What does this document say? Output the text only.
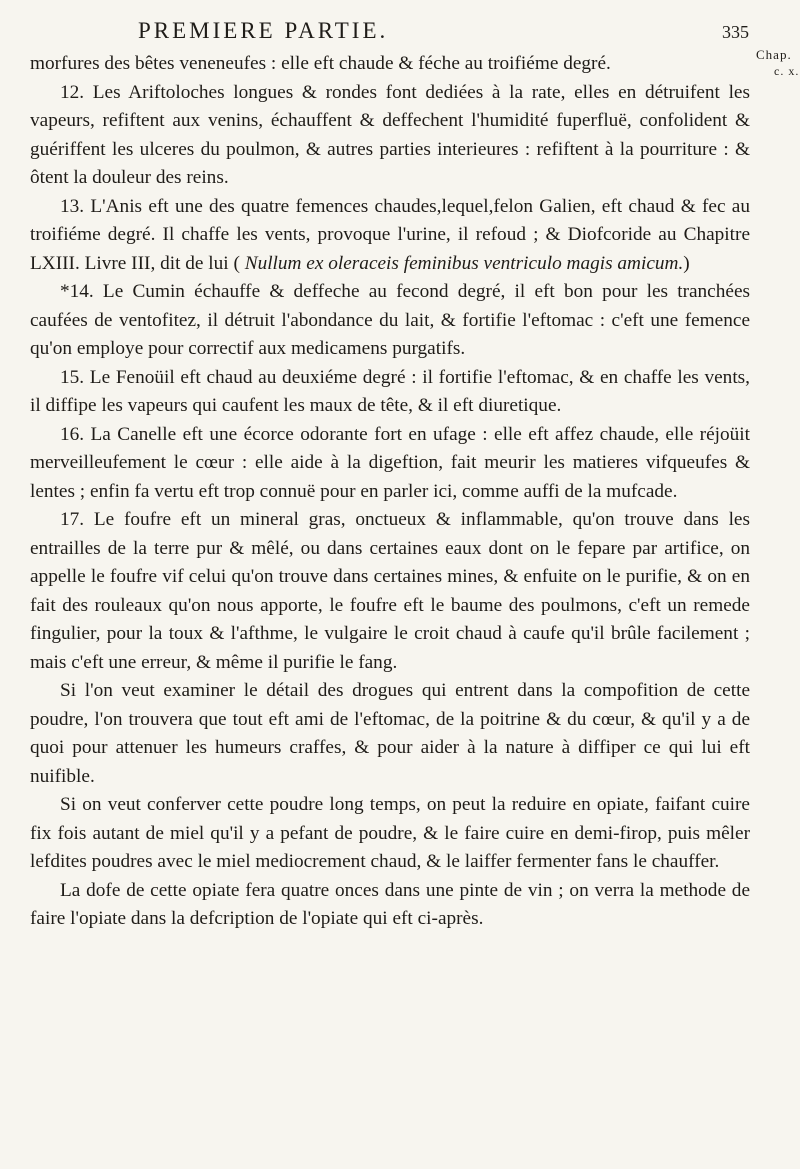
PREMIERE PARTIE.	335
Chap.
c. x.

morfures des bêtes veneneufes : elle eft chaude & féche au troifiéme degré.

12. Les Ariftoloches longues & rondes font dediées à la rate, elles en détruifent les vapeurs, refiftent aux venins, échauffent & deffechent l'humidité fuperfluë, confolident & guériffent les ulceres du poulmon, & autres parties interieures : refiftent à la pourriture : & ôtent la douleur des reins.

13. L'Anis eft une des quatre femences chaudes,lequel,felon Galien, eft chaud & fec au troifiéme degré. Il chaffe les vents, provoque l'urine, il refoud ; & Diofcoride au Chapitre LXIII. Livre III, dit de lui ( Nullum ex oleraceis feminibus ventriculo magis amicum.)

*14. Le Cumin échauffe & deffeche au fecond degré, il eft bon pour les tranchées caufées de ventofitez, il détruit l'abondance du lait, & fortifie l'eftomac : c'eft une femence qu'on employe pour correctif aux medicamens purgatifs.

15. Le Fenoüil eft chaud au deuxiéme degré : il fortifie l'eftomac, & en chaffe les vents, il diffipe les vapeurs qui caufent les maux de tête, & il eft diuretique.

16. La Canelle eft une écorce odorante fort en ufage : elle eft affez chaude, elle réjoüit merveilleufement le cœur : elle aide à la digeftion, fait meurir les matieres vifqueufes & lentes ; enfin fa vertu eft trop connuë pour en parler ici, comme auffi de la mufcade.

17. Le foufre eft un mineral gras, onctueux & inflammable, qu'on trouve dans les entrailles de la terre pur & mêlé, ou dans certaines eaux dont on le fepare par artifice, on appelle le foufre vif celui qu'on trouve dans certaines mines, & enfuite on le purifie, & on en fait des rouleaux qu'on nous apporte, le foufre eft le baume des poulmons, c'eft un remede fingulier, pour la toux & l'afthme, le vulgaire le croit chaud à caufe qu'il brûle facilement ; mais c'eft une erreur, & même il purifie le fang.

Si l'on veut examiner le détail des drogues qui entrent dans la compofition de cette poudre, l'on trouvera que tout eft ami de l'eftomac, de la poitrine & du cœur, & qu'il y a de quoi pour attenuer les humeurs craffes, & pour aider à la nature à diffiper ce qui lui eft nuifible.

Si on veut conferver cette poudre long temps, on peut la reduire en opiate, faifant cuire fix fois autant de miel qu'il y a pefant de poudre, & le faire cuire en demi-firop, puis mêler lefdites poudres avec le miel mediocrement chaud, & le laiffer fermenter fans le chauffer.

La dofe de cette opiate fera quatre onces dans une pinte de vin ; on verra la methode de faire l'opiate dans la defcription de l'opiate qui eft ci-après.
